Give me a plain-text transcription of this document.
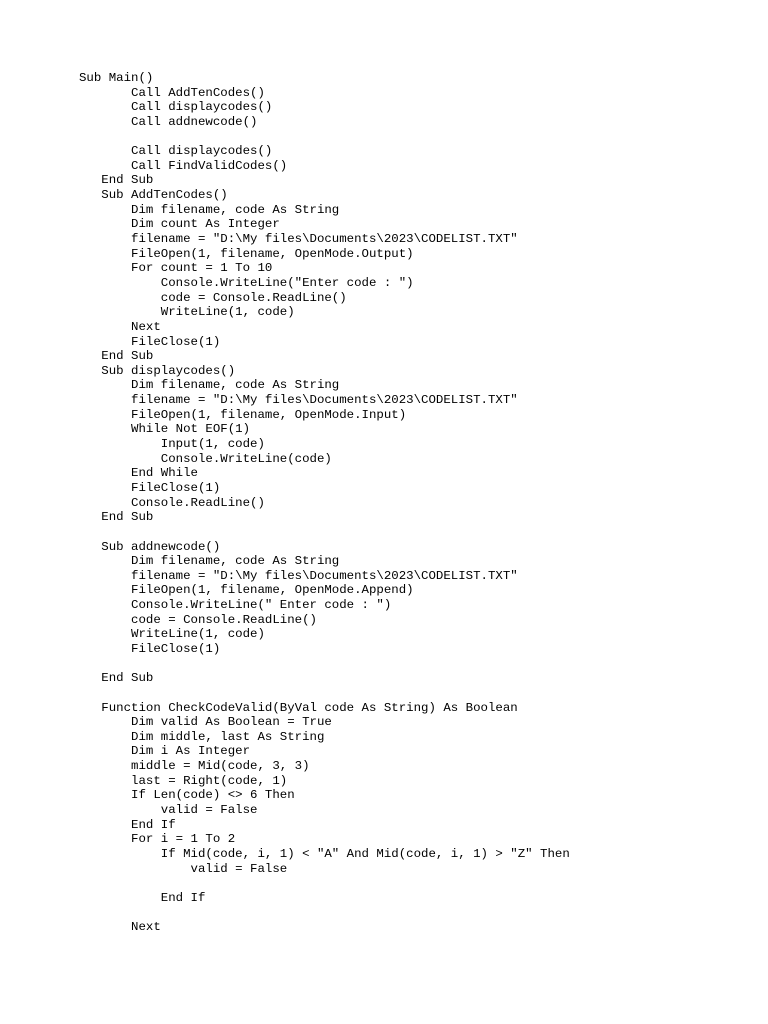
Sub Main()
Call AddTenCodes()
Call displaycodes()
Call addnewcode()
Call displaycodes()
Call FindValidCodes()
End Sub
Sub AddTenCodes()
Dim filename, code As String
Dim count As Integer
filename = "D:\My files\Documents\2023\CODELIST.TXT"
FileOpen(1, filename, OpenMode.Output)
For count = 1 To 10
Console.WriteLine("Enter code : ")
code = Console.ReadLine()
WriteLine(1, code)
Next
FileClose(1)
End Sub
Sub displaycodes()
Dim filename, code As String
filename = "D:\My files\Documents\2023\CODELIST.TXT"
FileOpen(1, filename, OpenMode.Input)
While Not EOF(1)
Input(1, code)
Console.WriteLine(code)
End While
FileClose(1)
Console.ReadLine()
End Sub
Sub addnewcode()
Dim filename, code As String
filename = "D:\My files\Documents\2023\CODELIST.TXT"
FileOpen(1, filename, OpenMode.Append)
Console.WriteLine(" Enter code : ")
code = Console.ReadLine()
WriteLine(1, code)
FileClose(1)
End Sub
Function CheckCodeValid(ByVal code As String) As Boolean
Dim valid As Boolean = True
Dim middle, last As String
Dim i As Integer
middle = Mid(code, 3, 3)
last = Right(code, 1)
If Len(code) <> 6 Then
valid = False
End If
For i = 1 To 2
If Mid(code, i, 1) < "A" And Mid(code, i, 1) > "Z" Then
valid = False
End If
Next
